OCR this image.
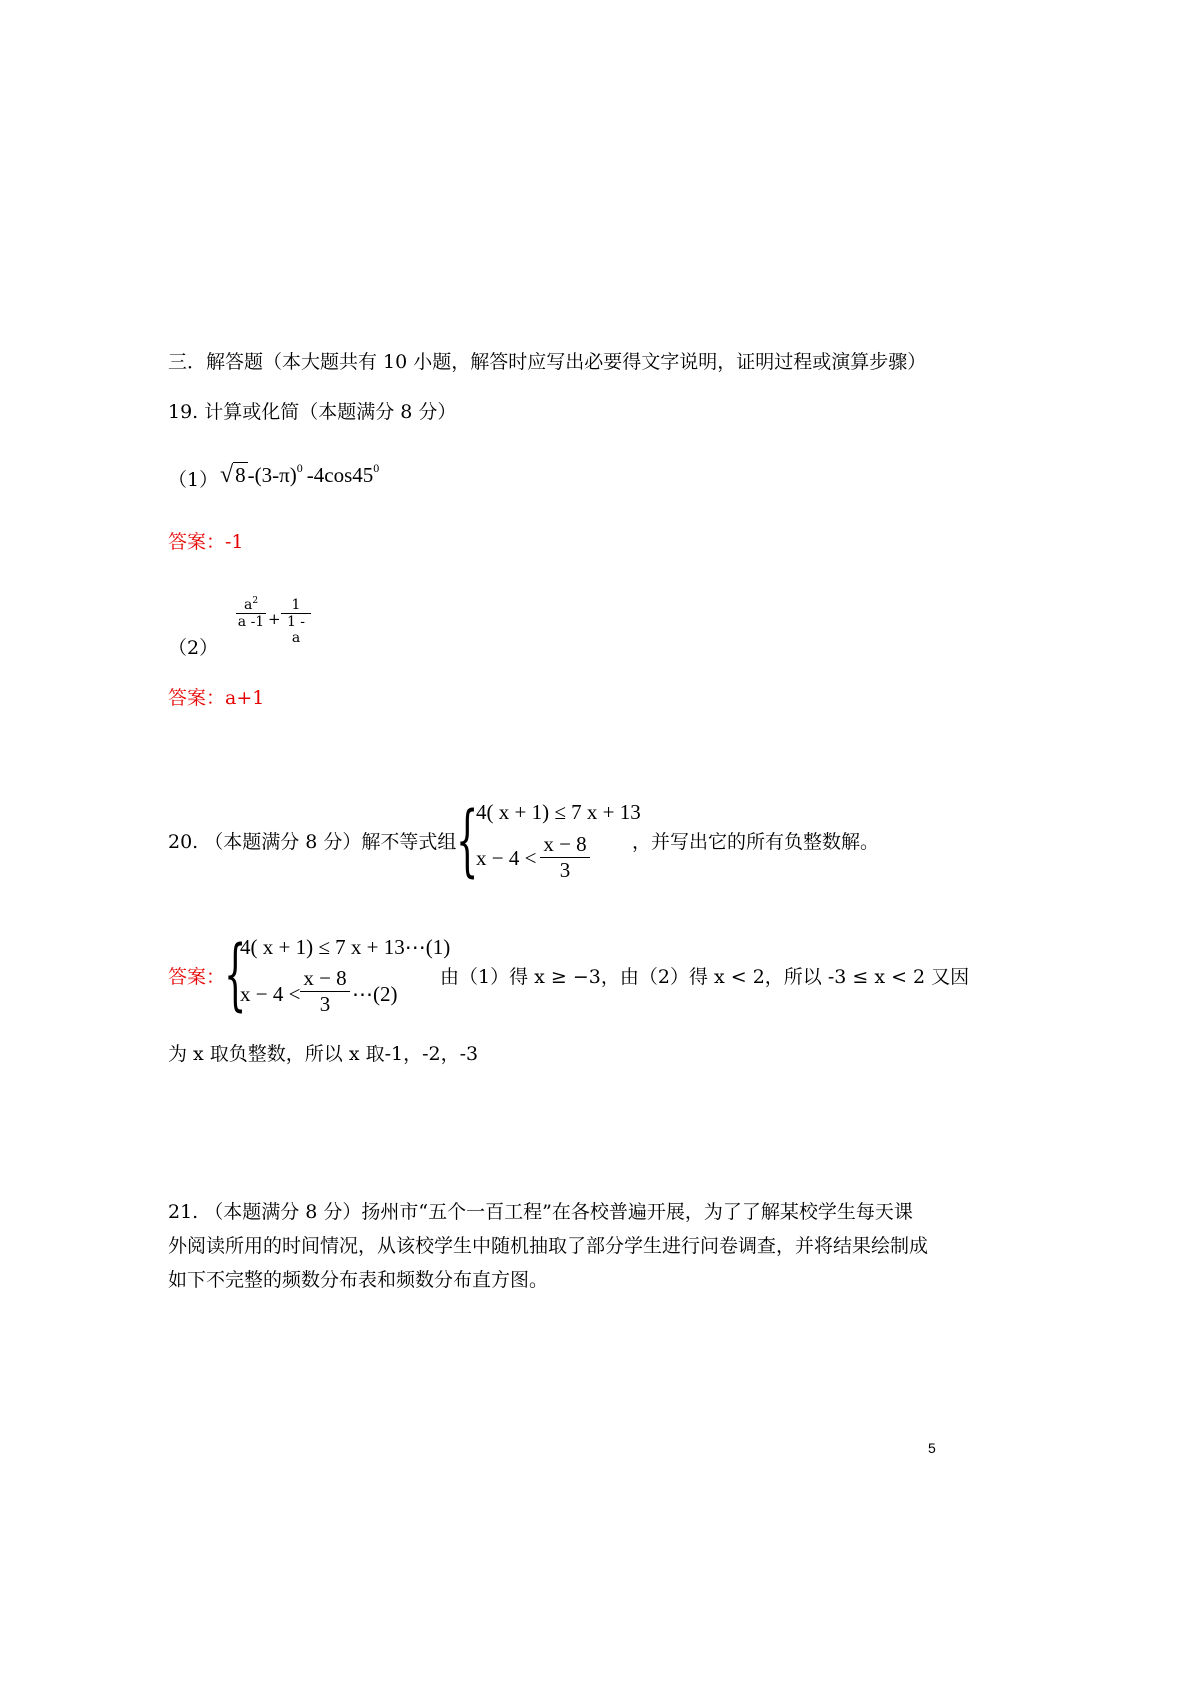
三．解答题（本大题共有 10 小题，解答时应写出必要得文字说明，证明过程或演算步骤）
19. 计算或化简（本题满分 8 分）
（1） $√8-(3-\pi)^0$ $-4\cos 45^0$
答案：-1
（2）
$a^2$
a -1 +
1
1 - a
答案：a+1
20. （本题满分 8 分）解不等式组 {
4( x + 1) ≤ 7 x + 13
x − 4 <
x − 8
3
，并写出它的所有负整数解。
答案：
{
4( x + 1) ≤ 7 x + 13⋯(1)
x − 4 <
x − 8
3	⋯(2)
由（1）得 x ≥ −3，由（2）得 x < 2，所以 -3 ≤ x < 2 又因
为 x 取负整数，所以 x 取-1，-2，-3
21. （本题满分 8 分）扬州市“五个一百工程”在各校普遍开展，为了了解某校学生每天课
外阅读所用的时间情况，从该校学生中随机抽取了部分学生进行问卷调查，并将结果绘制成
如下不完整的频数分布表和频数分布直方图。
5
